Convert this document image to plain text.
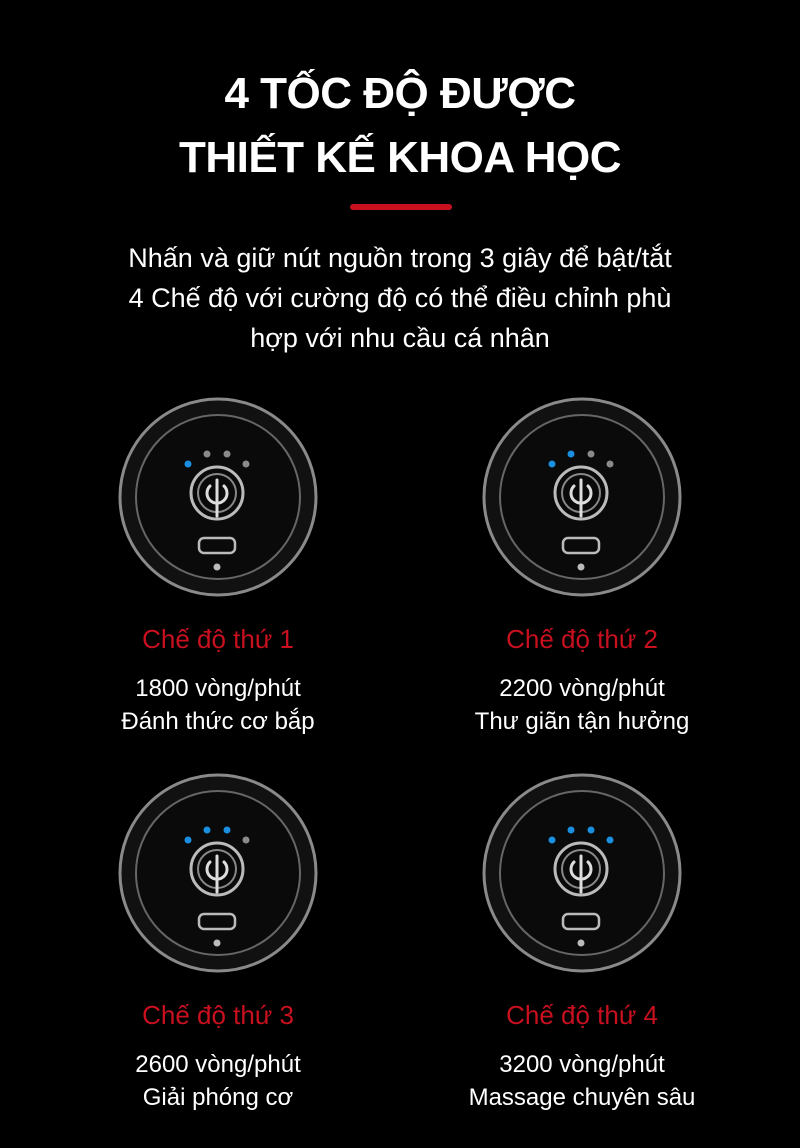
4 TỐC ĐỘ ĐƯỢC
THIẾT KẾ KHOA HỌC
Nhấn và giữ nút nguồn trong 3 giây để bật/tắt
4 Chế độ với cường độ có thể điều chỉnh phù
hợp với nhu cầu cá nhân
Chế độ thứ 1
1800 vòng/phút
Đánh thức cơ bắp
Chế độ thứ 2
2200 vòng/phút
Thư giãn tận hưởng
Chế độ thứ 3
2600 vòng/phút
Giải phóng cơ
Chế độ thứ 4
3200 vòng/phút
Massage chuyên sâu
